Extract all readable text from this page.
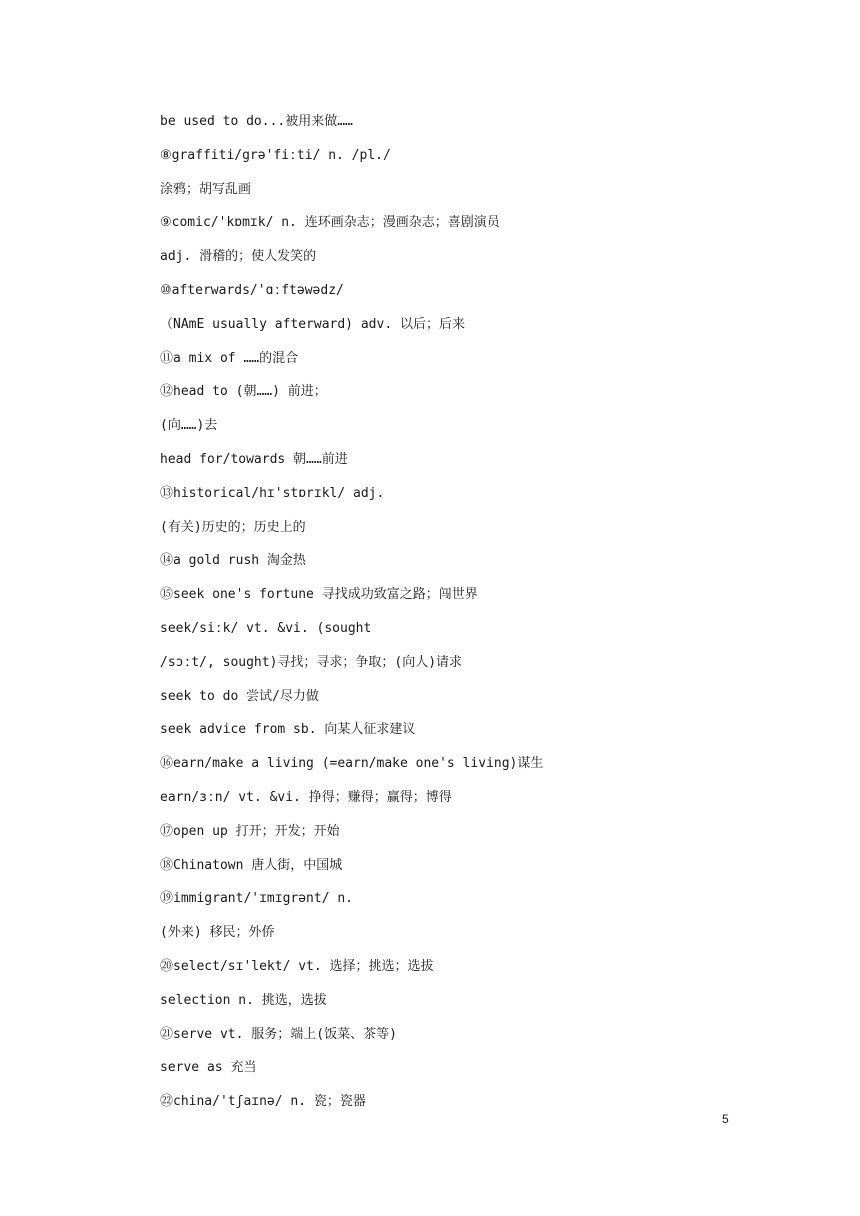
be used to do...被用来做……
⑧graffiti/grə'fiːti/ n. /pl./
涂鸦；胡写乱画
⑨comic/'kɒmɪk/ n. 连环画杂志；漫画杂志；喜剧演员
adj. 滑稽的；使人发笑的
⑩afterwards/'ɑːftəwədz/
（NAmE usually afterward) adv. 以后；后来
⑪a mix of ……的混合
⑫head to (朝……) 前进；
(向……)去
head for/towards 朝……前进
⑬historical/hɪ'stɒrɪkl/ adj.
(有关)历史的；历史上的
⑭a gold rush 淘金热
⑮seek one's fortune 寻找成功致富之路；闯世界
seek/siːk/ vt. &vi. (sought
/sɔːt/, sought)寻找；寻求；争取；(向人)请求
seek to do 尝试/尽力做
seek advice from sb. 向某人征求建议
⑯earn/make a living (=earn/make one's living)谋生
earn/ɜːn/ vt. &vi. 挣得；赚得；赢得；博得
⑰open up 打开；开发；开始
⑱Chinatown 唐人街，中国城
⑲immigrant/'ɪmɪgrənt/ n.
(外来) 移民；外侨
⑳select/sɪ'lekt/ vt. 选择；挑选；选拔
selection n. 挑选，选拔
㉑serve vt. 服务；端上(饭菜、茶等)
serve as 充当
㉒china/'tʃaɪnə/ n. 瓷；瓷器
5
